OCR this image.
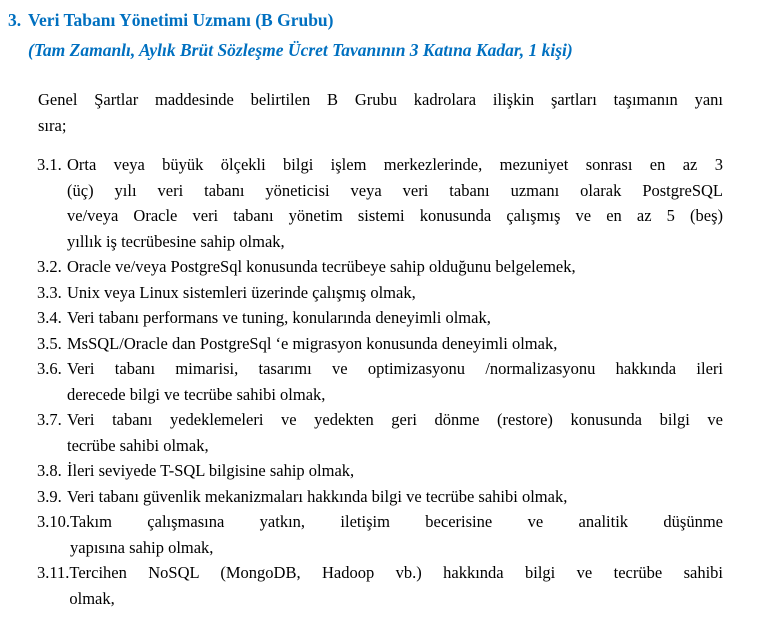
3. Veri Tabanı Yönetimi Uzmanı (B Grubu)
(Tam Zamanlı, Aylık Brüt Sözleşme Ücret Tavanının 3 Katına Kadar, 1 kişi)
Genel Şartlar maddesinde belirtilen B Grubu kadrolara ilişkin şartları taşımanın yanı
sıra;
3.1. Orta veya büyük ölçekli bilgi işlem merkezlerinde, mezuniyet sonrası en az 3
(üç) yılı veri tabanı yöneticisi veya veri tabanı uzmanı olarak PostgreSQL
ve/veya Oracle veri tabanı yönetim sistemi konusunda çalışmış ve en az 5 (beş)
yıllık iş tecrübesine sahip olmak,
3.2. Oracle ve/veya PostgreSql konusunda tecrübeye sahip olduğunu belgelemek,
3.3. Unix veya Linux sistemleri üzerinde çalışmış olmak,
3.4. Veri tabanı performans ve tuning, konularında deneyimli olmak,
3.5. MsSQL/Oracle dan PostgreSql ‘e migrasyon konusunda deneyimli olmak,
3.6. Veri tabanı mimarisi, tasarımı ve optimizasyonu /normalizasyonu hakkında ileri
derecede bilgi ve tecrübe sahibi olmak,
3.7. Veri tabanı yedeklemeleri ve yedekten geri dönme (restore) konusunda bilgi ve
tecrübe sahibi olmak,
3.8. İleri seviyede T-SQL bilgisine sahip olmak,
3.9. Veri tabanı güvenlik mekanizmaları hakkında bilgi ve tecrübe sahibi olmak,
3.10. Takım çalışmasına yatkın, iletişim becerisine ve analitik düşünme
yapısına sahip olmak,
3.11. Tercihen NoSQL (MongoDB, Hadoop vb.) hakkında bilgi ve tecrübe sahibi
olmak,
